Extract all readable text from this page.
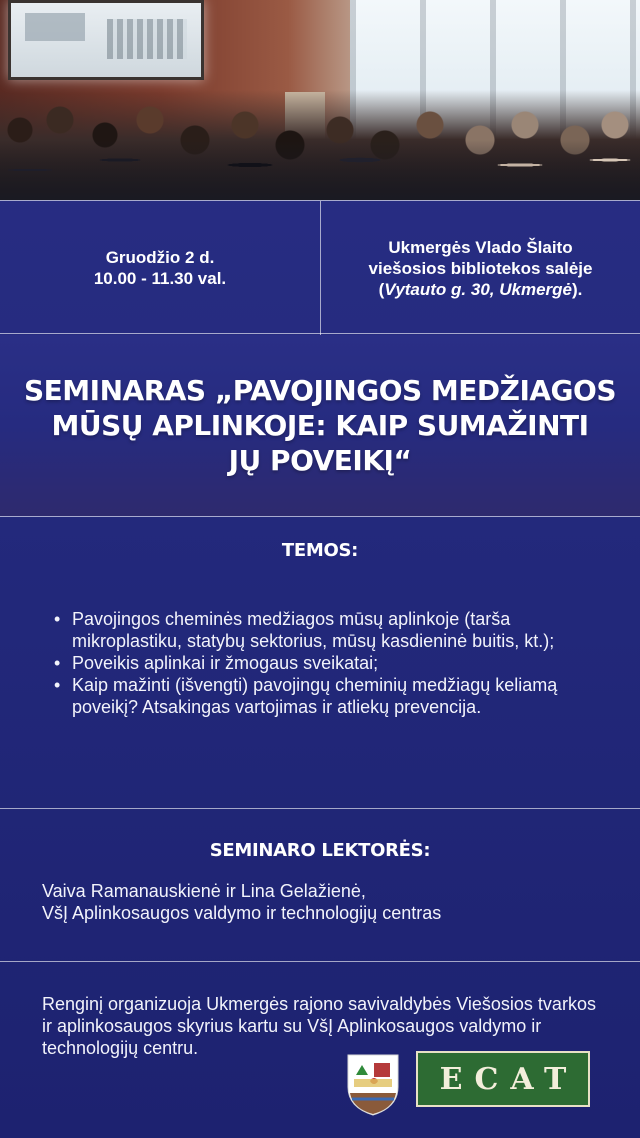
Gruodžio 2 d.
10.00 - 11.30 val.
Ukmergės Vlado Šlaito
viešosios bibliotekos salėje
(Vytauto g. 30, Ukmergė).
SEMINARAS „PAVOJINGOS MEDŽIAGOS
MŪSŲ APLINKOJE: KAIP SUMAŽINTI
JŲ POVEIKĮ“
TEMOS:
• Pavojingos cheminės medžiagos mūsų aplinkoje (tarša mikroplastiku, statybų sektorius, mūsų kasdieninė buitis, kt.);
• Poveikis aplinkai ir žmogaus sveikatai;
• Kaip mažinti (išvengti) pavojingų cheminių medžiagų keliamą poveikį? Atsakingas vartojimas ir atliekų prevencija.
SEMINARO LEKTORĖS:
Vaiva Ramanauskienė ir Lina Gelažienė,
VšĮ Aplinkosaugos valdymo ir technologijų centras
Renginį organizuoja Ukmergės rajono savivaldybės Viešosios tvarkos ir aplinkosaugos skyrius kartu su VšĮ Aplinkosaugos valdymo ir technologijų centru.
ECAT
